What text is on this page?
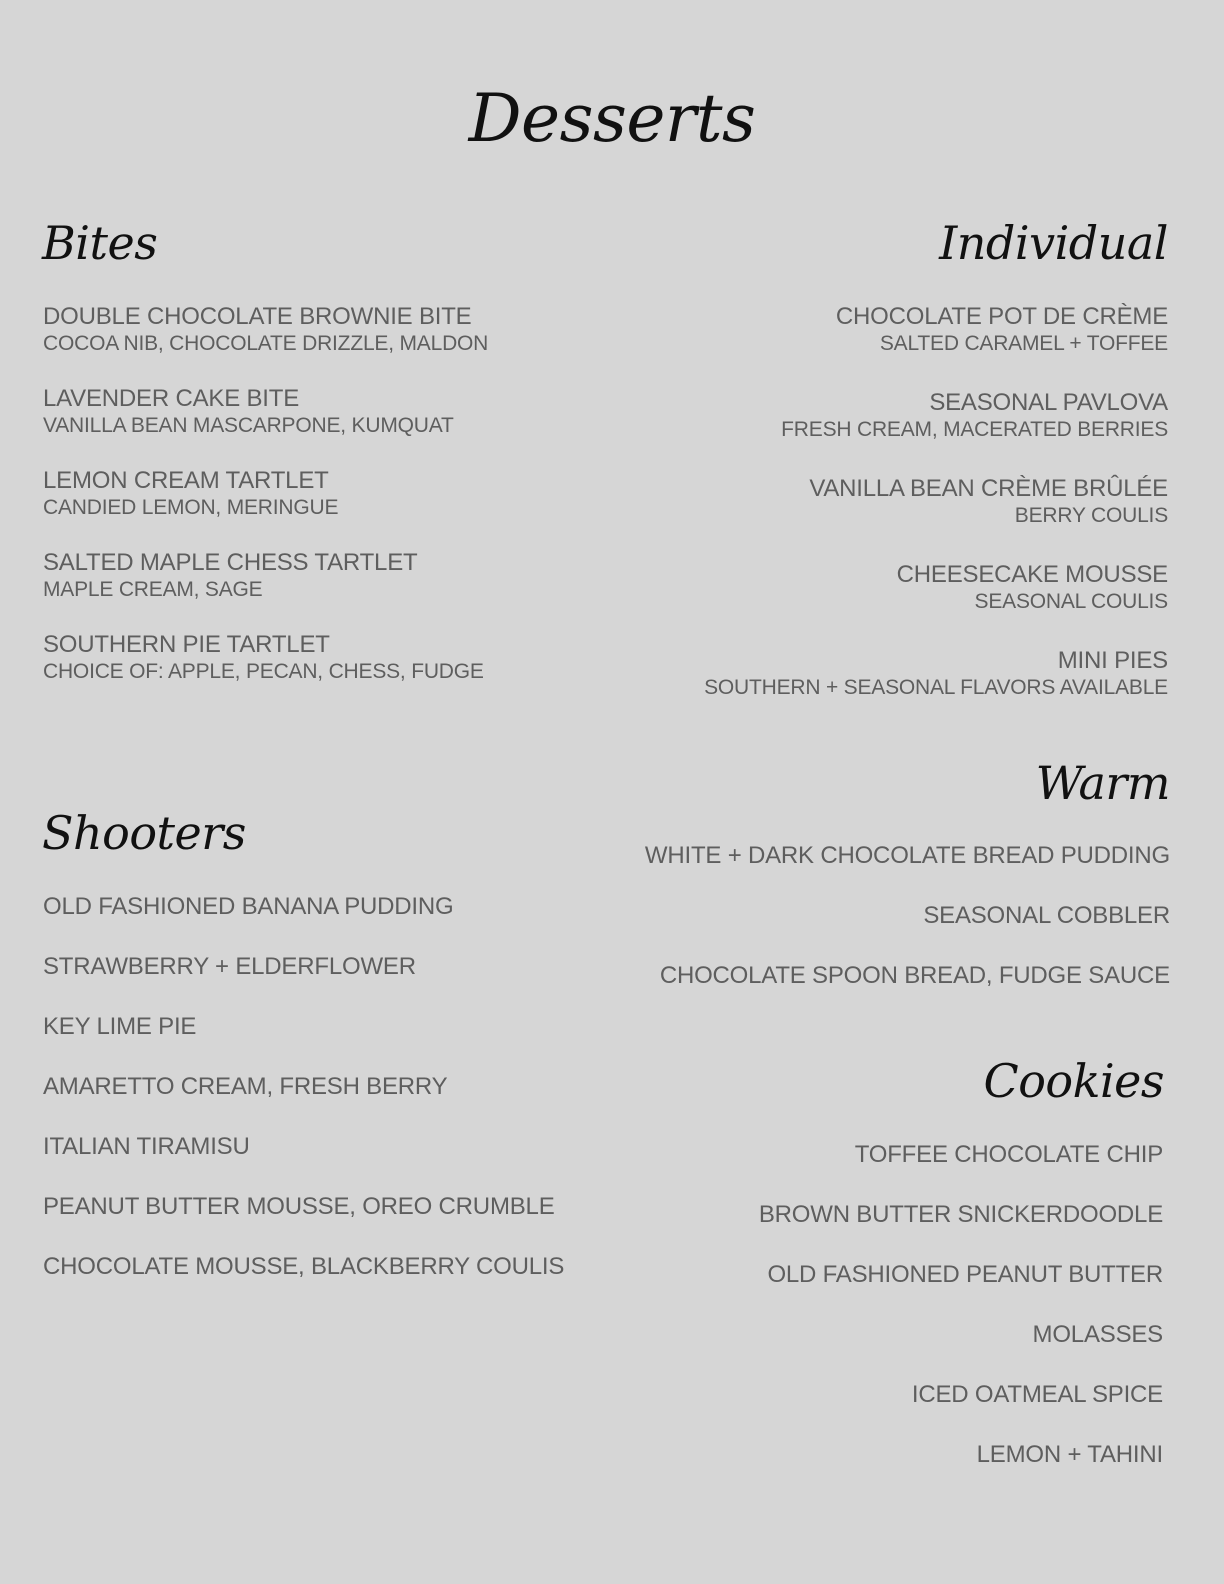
Desserts
Bites
DOUBLE CHOCOLATE BROWNIE BITE
COCOA NIB, CHOCOLATE DRIZZLE, MALDON
LAVENDER CAKE BITE
VANILLA BEAN MASCARPONE, KUMQUAT
LEMON CREAM TARTLET
CANDIED LEMON, MERINGUE
SALTED MAPLE CHESS TARTLET
MAPLE CREAM, SAGE
SOUTHERN PIE TARTLET
CHOICE OF: APPLE, PECAN, CHESS, FUDGE
Individual
CHOCOLATE POT DE CRÈME
SALTED CARAMEL + TOFFEE
SEASONAL PAVLOVA
FRESH CREAM, MACERATED BERRIES
VANILLA BEAN CRÈME BRÛLÉE
BERRY COULIS
CHEESECAKE MOUSSE
SEASONAL COULIS
MINI PIES
SOUTHERN + SEASONAL FLAVORS AVAILABLE
Shooters
OLD FASHIONED BANANA PUDDING
STRAWBERRY + ELDERFLOWER
KEY LIME PIE
AMARETTO CREAM, FRESH BERRY
ITALIAN TIRAMISU
PEANUT BUTTER MOUSSE, OREO CRUMBLE
CHOCOLATE MOUSSE, BLACKBERRY COULIS
Warm
WHITE + DARK CHOCOLATE BREAD PUDDING
SEASONAL COBBLER
CHOCOLATE SPOON BREAD, FUDGE SAUCE
Cookies
TOFFEE CHOCOLATE CHIP
BROWN BUTTER SNICKERDOODLE
OLD FASHIONED PEANUT BUTTER
MOLASSES
ICED OATMEAL SPICE
LEMON + TAHINI
